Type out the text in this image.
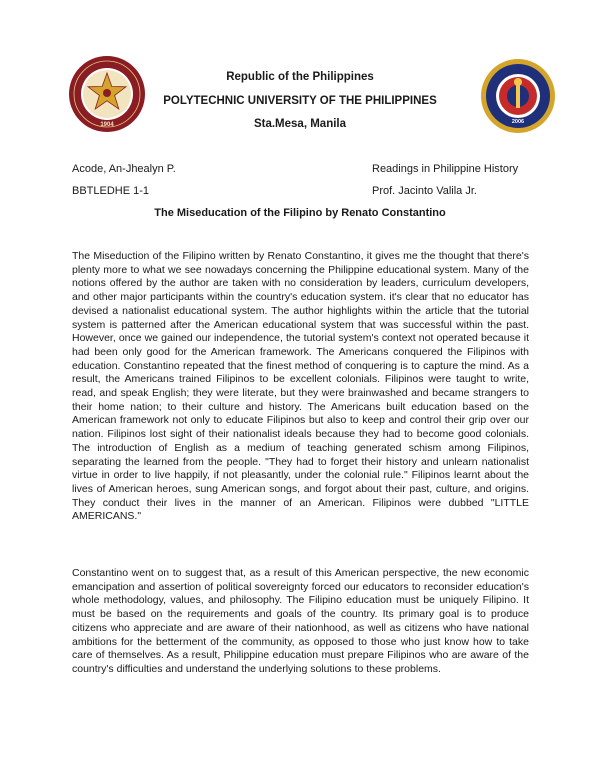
1904	2006
Republic of the Philippines
POLYTECHNIC UNIVERSITY OF THE PHILIPPINES
Sta.Mesa, Manila
Acode, An-Jhealyn P.	Readings in Philippine History
BBTLEDHE 1-1	Prof. Jacinto Valila Jr.
The Miseducation of the Filipino by Renato Constantino

The Miseduction of the Filipino written by Renato Constantino, it gives me the thought that there's plenty more to what we see nowadays concerning the Philippine educational system. Many of the notions offered by the author are taken with no consideration by leaders, curriculum developers, and other major participants within the country's education system. it's clear that no educator has devised a nationalist educational system. The author highlights within the article that the tutorial system is patterned after the American educational system that was successful within the past. However, once we gained our independence, the tutorial system's context not operated because it had been only good for the American framework. The Americans conquered the Filipinos with education. Constantino repeated that the finest method of conquering is to capture the mind. As a result, the Americans trained Filipinos to be excellent colonials. Filipinos were taught to write, read, and speak English; they were literate, but they were brainwashed and became strangers to their home nation; to their culture and history. The Americans built education based on the American framework not only to educate Filipinos but also to keep and control their grip over our nation. Filipinos lost sight of their nationalist ideals because they had to become good colonials. The introduction of English as a medium of teaching generated schism among Filipinos, separating the learned from the people. "They had to forget their history and unlearn nationalist virtue in order to live happily, if not pleasantly, under the colonial rule." Filipinos learnt about the lives of American heroes, sung American songs, and forgot about their past, culture, and origins. They conduct their lives in the manner of an American. Filipinos were dubbed "LITTLE AMERICANS."

Constantino went on to suggest that, as a result of this American perspective, the new economic emancipation and assertion of political sovereignty forced our educators to reconsider education's whole methodology, values, and philosophy. The Filipino education must be uniquely Filipino. It must be based on the requirements and goals of the country. Its primary goal is to produce citizens who appreciate and are aware of their nationhood, as well as citizens who have national ambitions for the betterment of the community, as opposed to those who just know how to take care of themselves. As a result, Philippine education must prepare Filipinos who are aware of the country's difficulties and understand the underlying solutions to these problems.
